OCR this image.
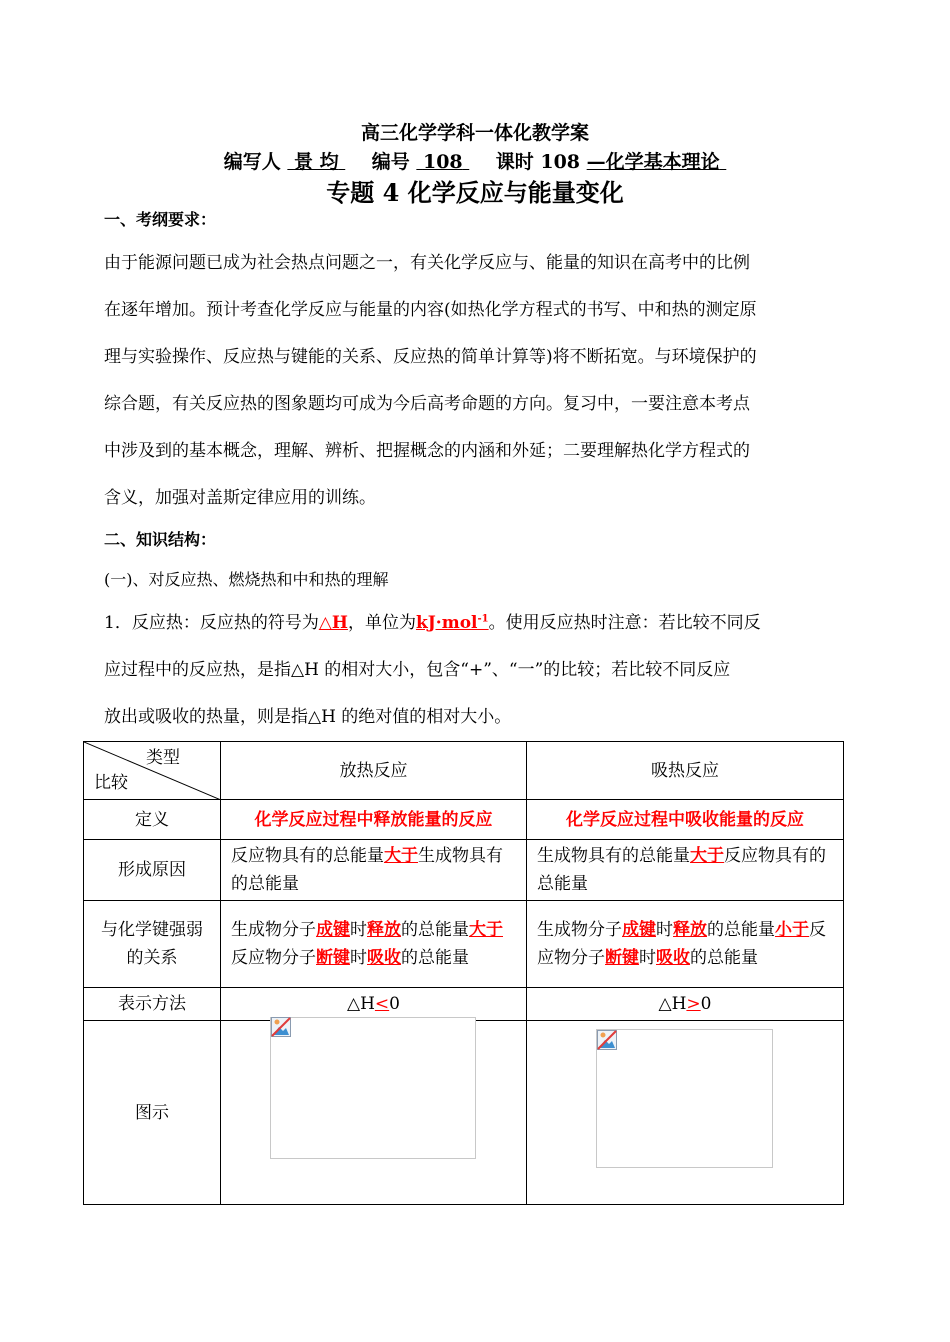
高三化学学科一体化教学案
编写人 景 均 编号 108 课时 108 —化学基本理论
专题 4 化学反应与能量变化
一、考纲要求：
由于能源问题已成为社会热点问题之一，有关化学反应与、能量的知识在高考中的比例
在逐年增加。预计考查化学反应与能量的内容(如热化学方程式的书写、中和热的测定原
理与实验操作、反应热与键能的关系、反应热的简单计算等)将不断拓宽。与环境保护的
综合题，有关反应热的图象题均可成为今后高考命题的方向。复习中，一要注意本考点
中涉及到的基本概念，理解、辨析、把握概念的内涵和外延；二要理解热化学方程式的
含义，加强对盖斯定律应用的训练。
二、知识结构：
(一)、对反应热、燃烧热和中和热的理解
1．反应热：反应热的符号为△H，单位为kJ·mol$^{-1}$。使用反应热时注意：若比较不同反
应过程中的反应热，是指△H 的相对大小，包含“+”、“一”的比较；若比较不同反应
放出或吸收的热量，则是指△H 的绝对值的相对大小。
类型
比较	放热反应	吸热反应
定义	化学反应过程中释放能量的反应	化学反应过程中吸收能量的反应
形成原因	反应物具有的总能量大于生成物具有的总能量	生成物具有的总能量大于反应物具有的总能量
与化学键强弱的关系	生成物分子成键时释放的总能量大于反应物分子断键时吸收的总能量	生成物分子成键时释放的总能量小于反应物分子断键时吸收的总能量
表示方法	△H<0	△H>0
图示		
